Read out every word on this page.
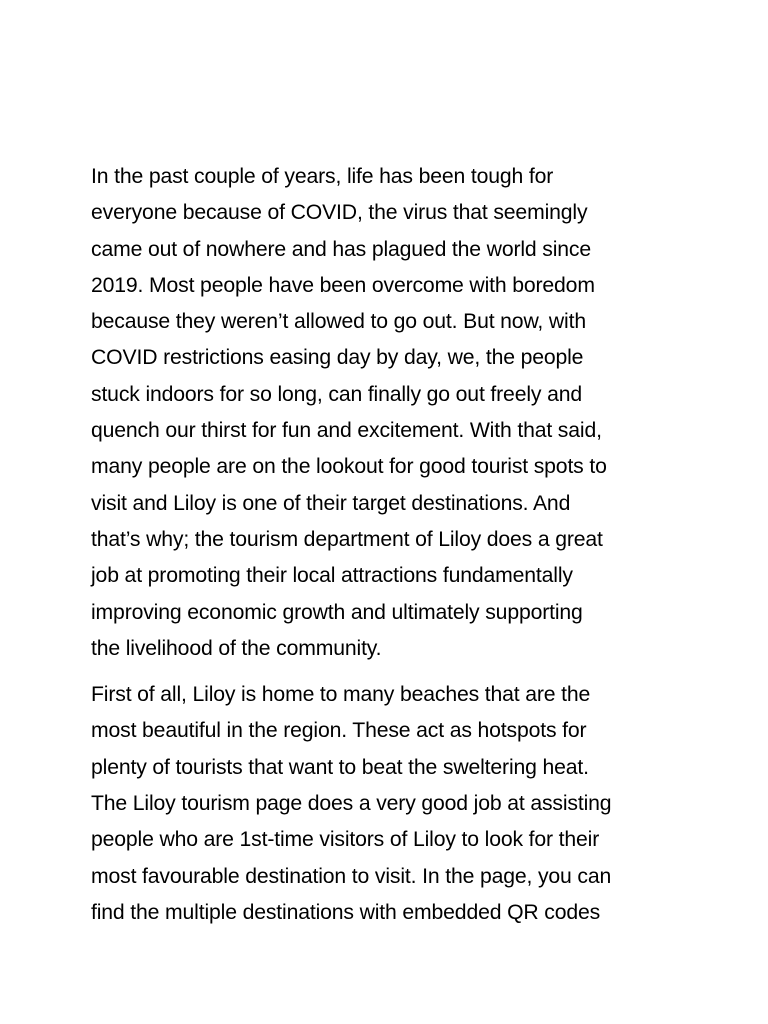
In the past couple of years, life has been tough for
everyone because of COVID, the virus that seemingly
came out of nowhere and has plagued the world since
2019. Most people have been overcome with boredom
because they weren’t allowed to go out. But now, with
COVID restrictions easing day by day, we, the people
stuck indoors for so long, can finally go out freely and
quench our thirst for fun and excitement. With that said,
many people are on the lookout for good tourist spots to
visit and Liloy is one of their target destinations. And
that’s why; the tourism department of Liloy does a great
job at promoting their local attractions fundamentally
improving economic growth and ultimately supporting
the livelihood of the community.

First of all, Liloy is home to many beaches that are the
most beautiful in the region. These act as hotspots for
plenty of tourists that want to beat the sweltering heat.
The Liloy tourism page does a very good job at assisting
people who are 1st-time visitors of Liloy to look for their
most favourable destination to visit. In the page, you can
find the multiple destinations with embedded QR codes
